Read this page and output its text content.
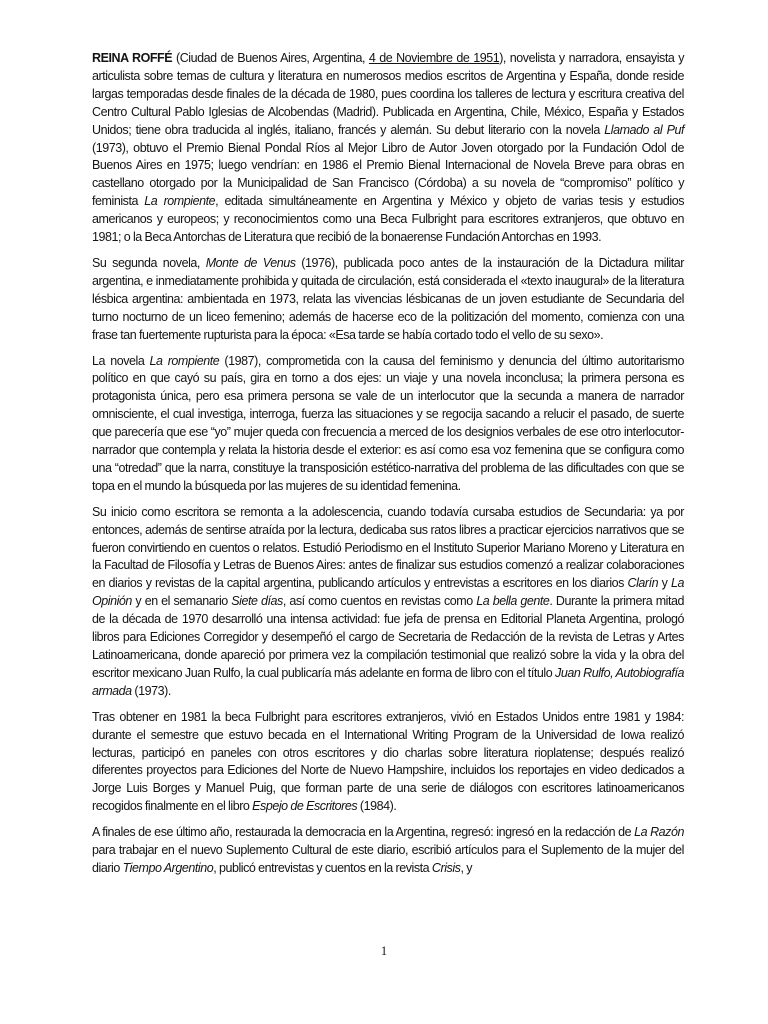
REINA ROFFÉ (Ciudad de Buenos Aires, Argentina, 4 de Noviembre de 1951), novelista y narradora, ensayista y articulista sobre temas de cultura y literatura en numerosos medios escritos de Argentina y España, donde reside largas temporadas desde finales de la década de 1980, pues coordina los talleres de lectura y escritura creativa del Centro Cultural Pablo Iglesias de Alcobendas (Madrid). Publicada en Argentina, Chile, México, España y Estados Unidos; tiene obra traducida al inglés, italiano, francés y alemán. Su debut literario con la novela Llamado al Puf (1973), obtuvo el Premio Bienal Pondal Ríos al Mejor Libro de Autor Joven otorgado por la Fundación Odol de Buenos Aires en 1975; luego vendrían: en 1986 el Premio Bienal Internacional de Novela Breve para obras en castellano otorgado por la Municipalidad de San Francisco (Córdoba) a su novela de “compromiso” político y feminista La rompiente, editada simultáneamente en Argentina y México y objeto de varias tesis y estudios americanos y europeos; y reconocimientos como una Beca Fulbright para escritores extranjeros, que obtuvo en 1981; o la Beca Antorchas de Literatura que recibió de la bonaerense Fundación Antorchas en 1993.

Su segunda novela, Monte de Venus (1976), publicada poco antes de la instauración de la Dictadura militar argentina, e inmediatamente prohibida y quitada de circulación, está considerada el «texto inaugural» de la literatura lésbica argentina: ambientada en 1973, relata las vivencias lésbicanas de un joven estudiante de Secundaria del turno nocturno de un liceo femenino; además de hacerse eco de la politización del momento, comienza con una frase tan fuertemente rupturista para la época: «Esa tarde se había cortado todo el vello de su sexo».

La novela La rompiente (1987), comprometida con la causa del feminismo y denuncia del último autoritarismo político en que cayó su país, gira en torno a dos ejes: un viaje y una novela inconclusa; la primera persona es protagonista única, pero esa primera persona se vale de un interlocutor que la secunda a manera de narrador omnisciente, el cual investiga, interroga, fuerza las situaciones y se regocija sacando a relucir el pasado, de suerte que parecería que ese “yo” mujer queda con frecuencia a merced de los designios verbales de ese otro interlocutor-narrador que contempla y relata la historia desde el exterior: es así como esa voz femenina que se configura como una “otredad” que la narra, constituye la transposición estético-narrativa del problema de las dificultades con que se topa en el mundo la búsqueda por las mujeres de su identidad femenina.

Su inicio como escritora se remonta a la adolescencia, cuando todavía cursaba estudios de Secundaria: ya por entonces, además de sentirse atraída por la lectura, dedicaba sus ratos libres a practicar ejercicios narrativos que se fueron convirtiendo en cuentos o relatos. Estudió Periodismo en el Instituto Superior Mariano Moreno y Literatura en la Facultad de Filosofía y Letras de Buenos Aires: antes de finalizar sus estudios comenzó a realizar colaboraciones en diarios y revistas de la capital argentina, publicando artículos y entrevistas a escritores en los diarios Clarín y La Opinión y en el semanario Siete días, así como cuentos en revistas como La bella gente. Durante la primera mitad de la década de 1970 desarrolló una intensa actividad: fue jefa de prensa en Editorial Planeta Argentina, prologó libros para Ediciones Corregidor y desempeñó el cargo de Secretaria de Redacción de la revista de Letras y Artes Latinoamericana, donde apareció por primera vez la compilación testimonial que realizó sobre la vida y la obra del escritor mexicano Juan Rulfo, la cual publicaría más adelante en forma de libro con el título Juan Rulfo, Autobiografía armada (1973).

Tras obtener en 1981 la beca Fulbright para escritores extranjeros, vivió en Estados Unidos entre 1981 y 1984: durante el semestre que estuvo becada en el International Writing Program de la Universidad de Iowa realizó lecturas, participó en paneles con otros escritores y dio charlas sobre literatura rioplatense; después realizó diferentes proyectos para Ediciones del Norte de Nuevo Hampshire, incluidos los reportajes en video dedicados a Jorge Luis Borges y Manuel Puig, que forman parte de una serie de diálogos con escritores latinoamericanos recogidos finalmente en el libro Espejo de Escritores (1984).

A finales de ese último año, restaurada la democracia en la Argentina, regresó: ingresó en la redacción de La Razón para trabajar en el nuevo Suplemento Cultural de este diario, escribió artículos para el Suplemento de la mujer del diario Tiempo Argentino, publicó entrevistas y cuentos en la revista Crisis, y

1
